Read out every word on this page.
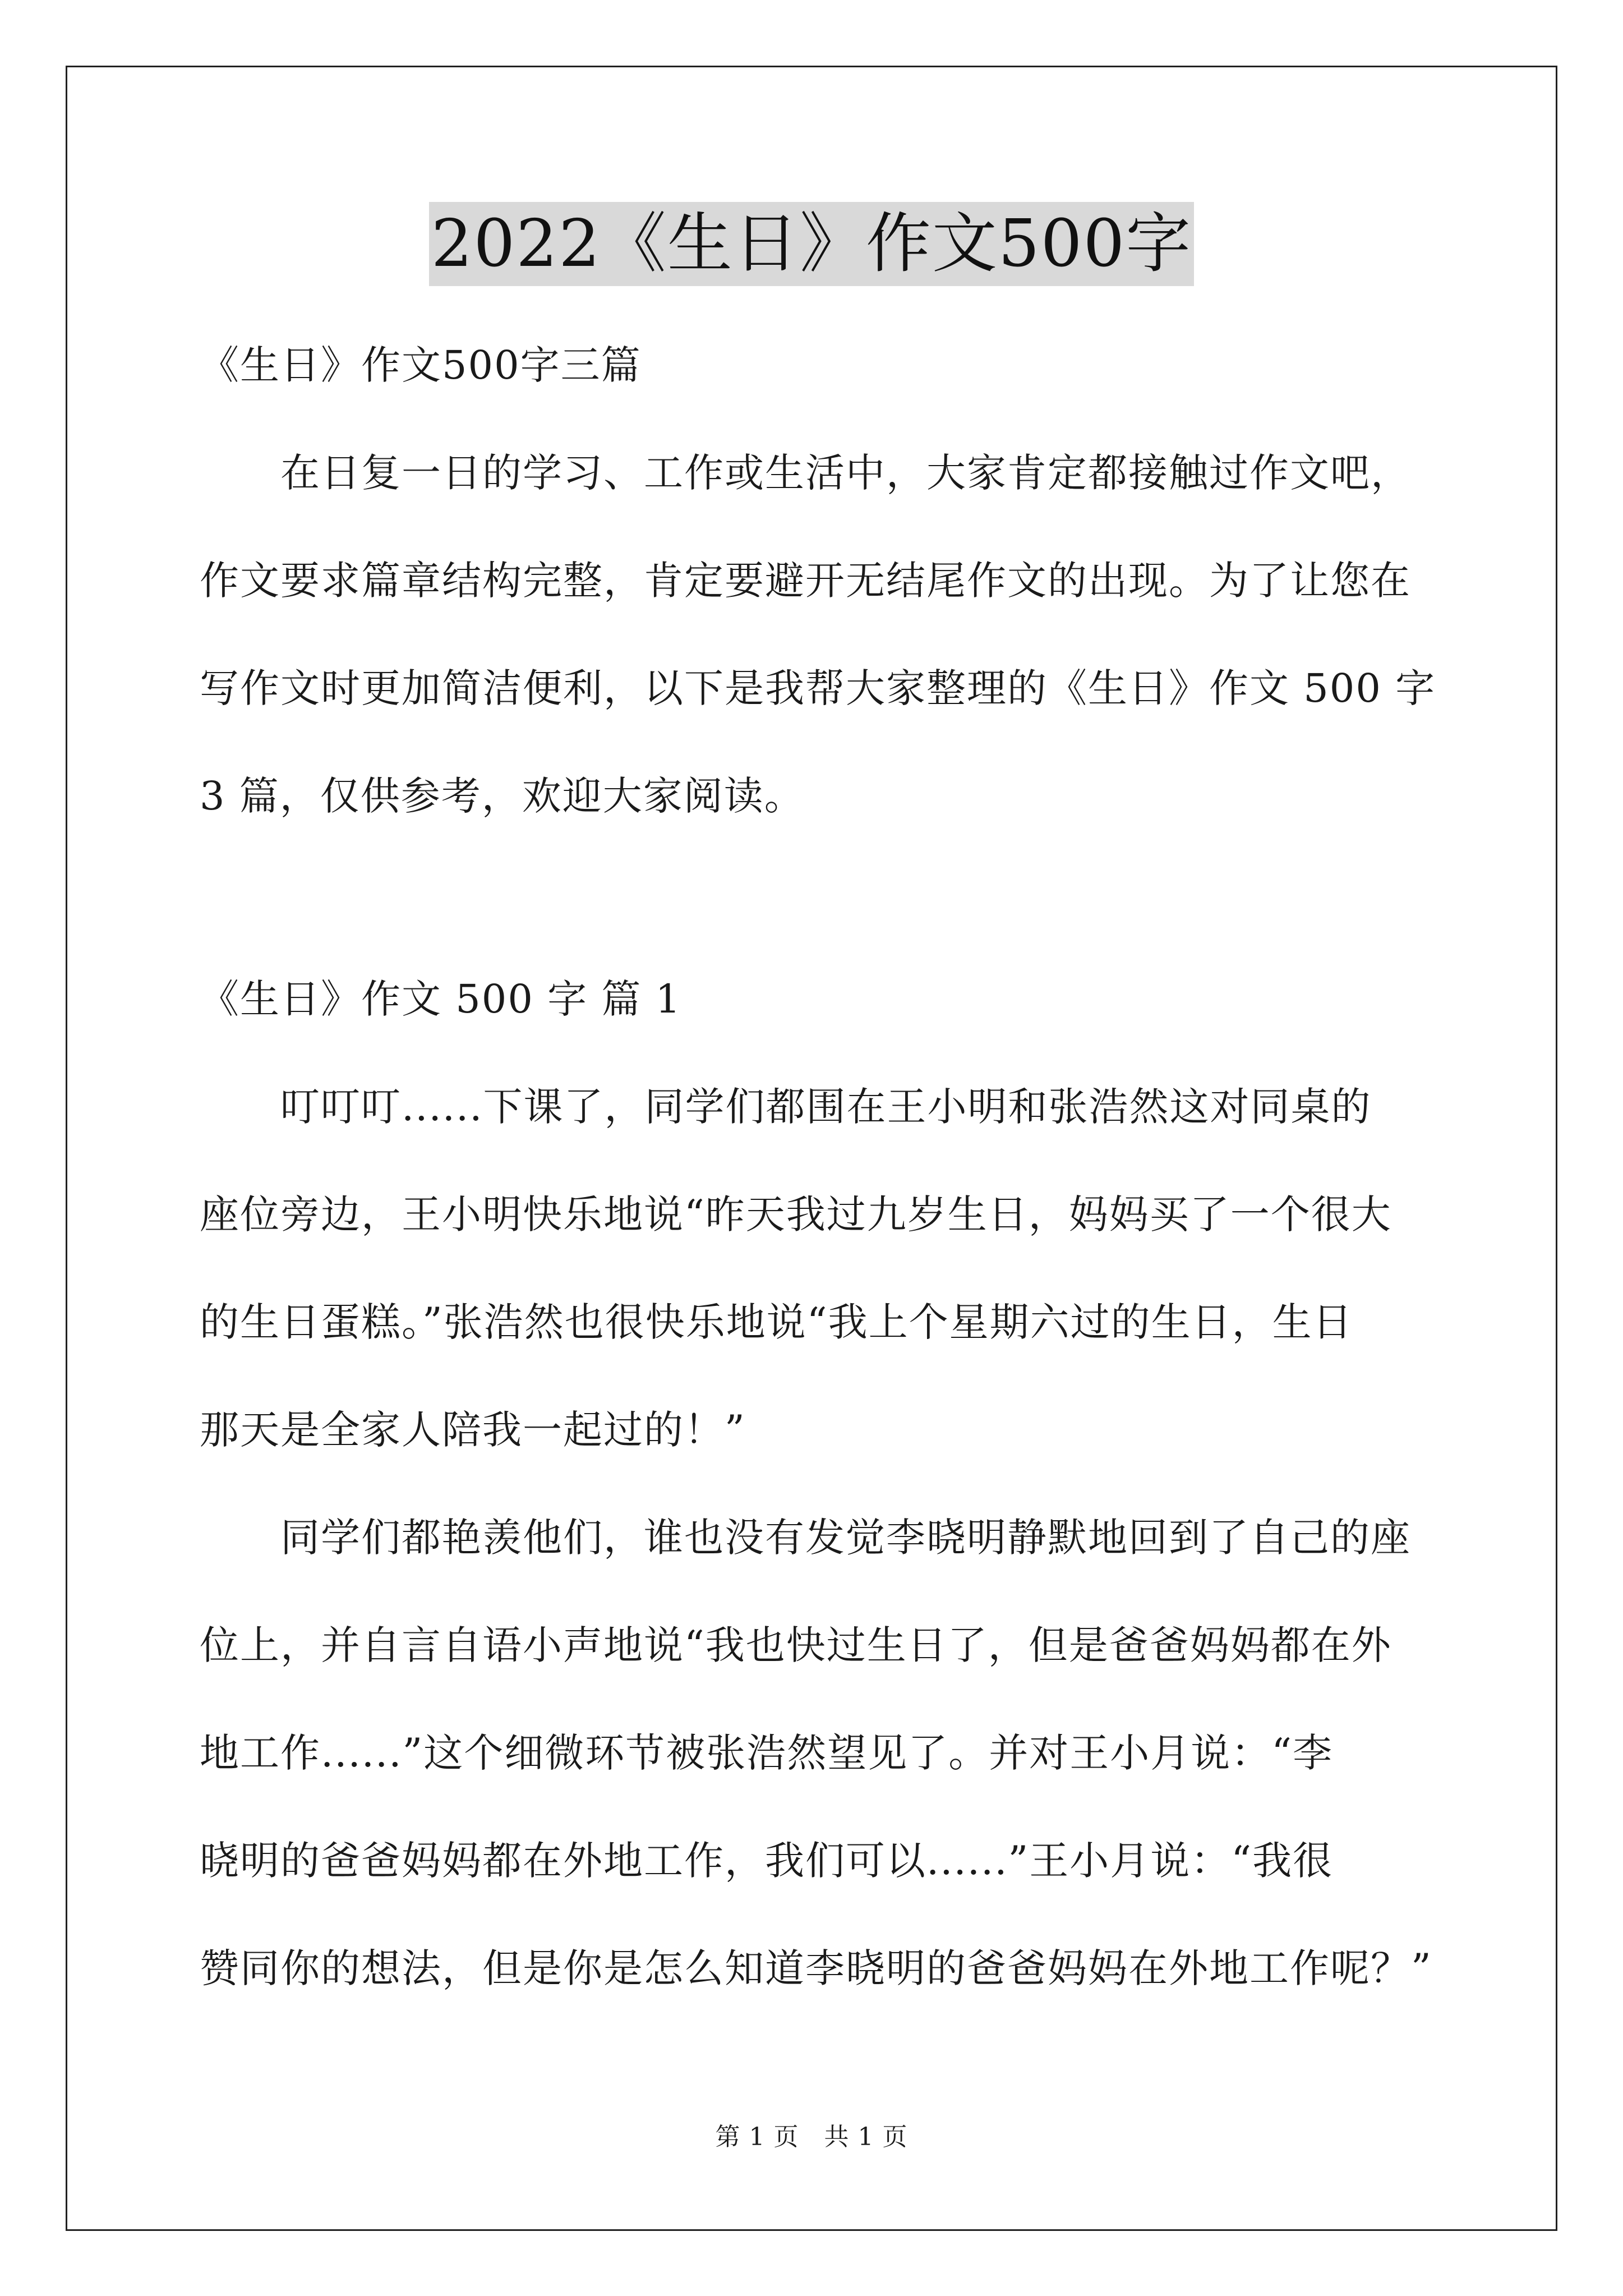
2022《生日》作文500字

《生日》作文500字三篇

　　在日复一日的学习、工作或生活中，大家肯定都接触过作文吧，
作文要求篇章结构完整，肯定要避开无结尾作文的出现。为了让您在
写作文时更加简洁便利，以下是我帮大家整理的《生日》作文 500 字
3 篇，仅供参考，欢迎大家阅读。

《生日》作文 500 字 篇 1

　　叮叮叮......下课了，同学们都围在王小明和张浩然这对同桌的
座位旁边，王小明快乐地说“昨天我过九岁生日，妈妈买了一个很大
的生日蛋糕。”张浩然也很快乐地说“我上个星期六过的生日，生日
那天是全家人陪我一起过的！”
　　同学们都艳羡他们，谁也没有发觉李晓明静默地回到了自己的座
位上，并自言自语小声地说“我也快过生日了，但是爸爸妈妈都在外
地工作......”这个细微环节被张浩然望见了。并对王小月说：“李
晓明的爸爸妈妈都在外地工作，我们可以......”王小月说：“我很
赞同你的想法，但是你是怎么知道李晓明的爸爸妈妈在外地工作呢？”
第 1 页　共 1 页
